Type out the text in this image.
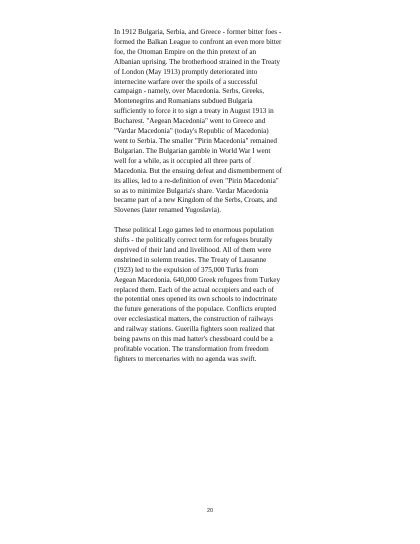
In 1912 Bulgaria, Serbia, and Greece - former bitter foes -
formed the Balkan League to confront an even more bitter
foe, the Ottoman Empire on the thin pretext of an
Albanian uprising. The brotherhood strained in the Treaty
of London (May 1913) promptly deteriorated into
internecine warfare over the spoils of a successful
campaign - namely, over Macedonia. Serbs, Greeks,
Montenegrins and Romanians subdued Bulgaria
sufficiently to force it to sign a treaty in August 1913 in
Bucharest. "Aegean Macedonia" went to Greece and
"Vardar Macedonia" (today's Republic of Macedonia)
went to Serbia. The smaller "Pirin Macedonia" remained
Bulgarian. The Bulgarian gamble in World War I went
well for a while, as it occupied all three parts of
Macedonia. But the ensuing defeat and dismemberment of
its allies, led to a re-definition of even "Pirin Macedonia"
so as to minimize Bulgaria's share. Vardar Macedonia
became part of a new Kingdom of the Serbs, Croats, and
Slovenes (later renamed Yugoslavia).

These political Lego games led to enormous population
shifts - the politically correct term for refugees brutally
deprived of their land and livelihood. All of them were
enshrined in solemn treaties. The Treaty of Lausanne
(1923) led to the expulsion of 375,000 Turks from
Aegean Macedonia. 640,000 Greek refugees from Turkey
replaced them. Each of the actual occupiers and each of
the potential ones opened its own schools to indoctrinate
the future generations of the populace. Conflicts erupted
over ecclesiastical matters, the construction of railways
and railway stations. Guerilla fighters soon realized that
being pawns on this mad hatter's chessboard could be a
profitable vocation. The transformation from freedom
fighters to mercenaries with no agenda was swift.

20
